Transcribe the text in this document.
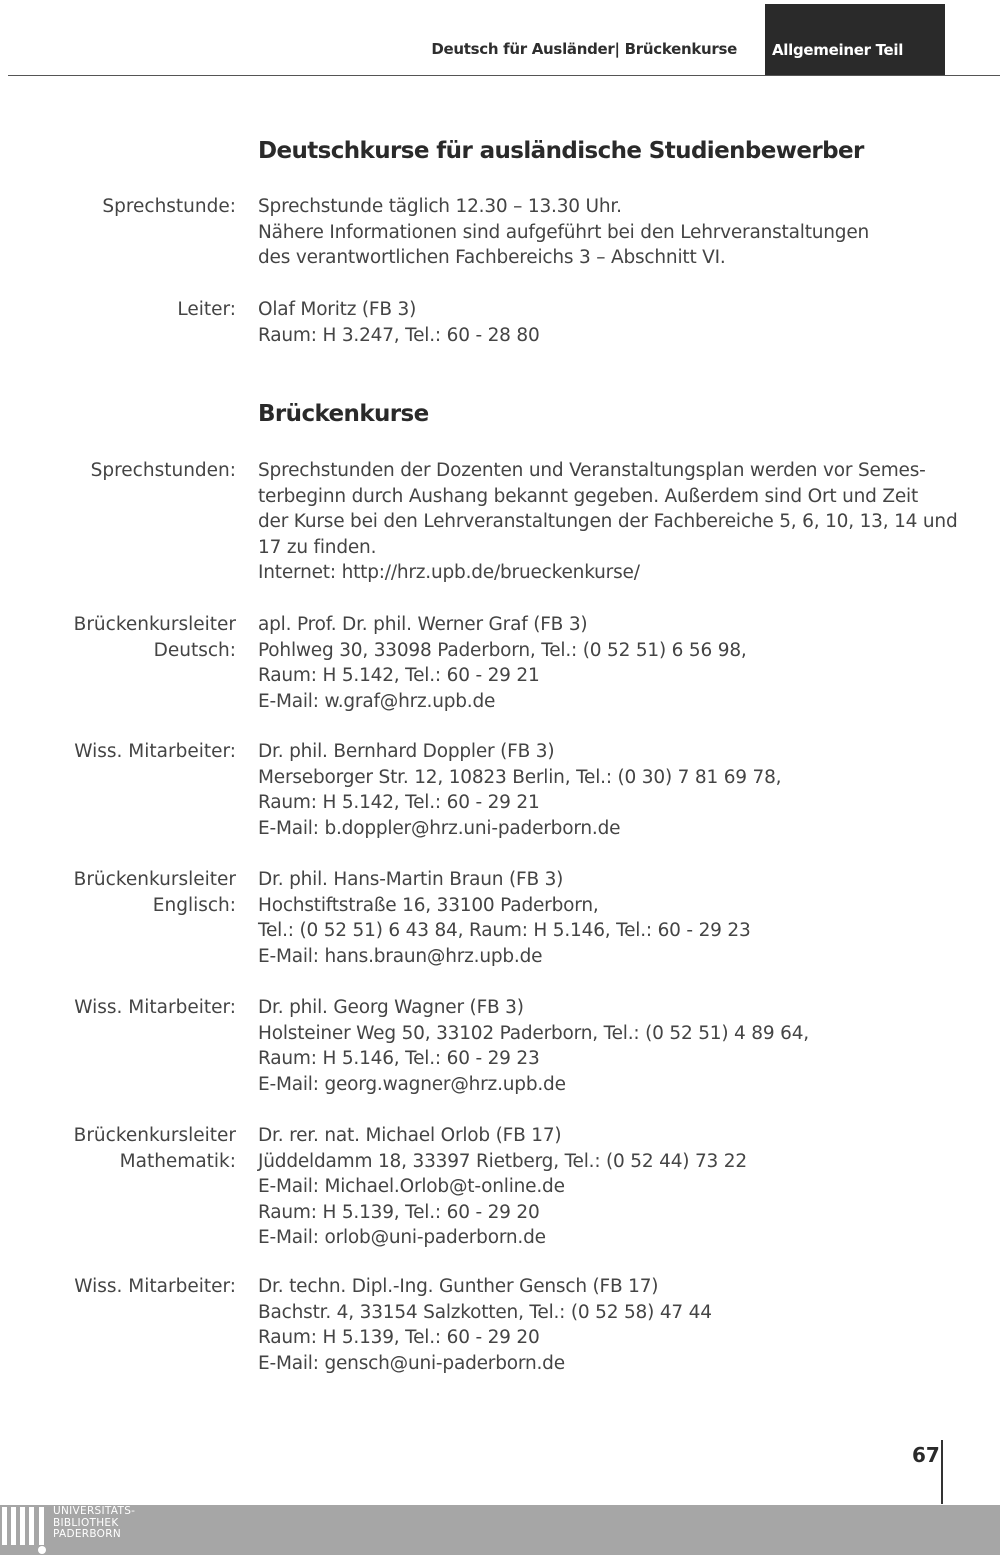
Deutsch für Ausländer| Brückenkurse Allgemeiner Teil
Deutschkurse für ausländische Studienbewerber
Sprechstunde: Sprechstunde täglich 12.30 – 13.30 Uhr.
Nähere Informationen sind aufgeführt bei den Lehrveranstaltungen
des verantwortlichen Fachbereichs 3 – Abschnitt VI.
Leiter: Olaf Moritz (FB 3)
Raum: H 3.247, Tel.: 60 - 28 80
Brückenkurse
Sprechstunden: Sprechstunden der Dozenten und Veranstaltungsplan werden vor Semes-
terbeginn durch Aushang bekannt gegeben. Außerdem sind Ort und Zeit
der Kurse bei den Lehrveranstaltungen der Fachbereiche 5, 6, 10, 13, 14 und
17 zu finden.
Internet: http://hrz.upb.de/brueckenkurse/
Brückenkursleiter
Deutsch:
apl. Prof. Dr. phil. Werner Graf (FB 3)
Pohlweg 30, 33098 Paderborn, Tel.: (0 52 51) 6 56 98,
Raum: H 5.142, Tel.: 60 - 29 21
E-Mail: w.graf@hrz.upb.de
Wiss. Mitarbeiter: Dr. phil. Bernhard Doppler (FB 3)
Merseborger Str. 12, 10823 Berlin, Tel.: (0 30) 7 81 69 78,
Raum: H 5.142, Tel.: 60 - 29 21
E-Mail: b.doppler@hrz.uni-paderborn.de
Brückenkursleiter
Englisch:
Dr. phil. Hans-Martin Braun (FB 3)
Hochstiftstraße 16, 33100 Paderborn,
Tel.: (0 52 51) 6 43 84, Raum: H 5.146, Tel.: 60 - 29 23
E-Mail: hans.braun@hrz.upb.de
Wiss. Mitarbeiter: Dr. phil. Georg Wagner (FB 3)
Holsteiner Weg 50, 33102 Paderborn, Tel.: (0 52 51) 4 89 64,
Raum: H 5.146, Tel.: 60 - 29 23
E-Mail: georg.wagner@hrz.upb.de
Brückenkursleiter
Mathematik:
Dr. rer. nat. Michael Orlob (FB 17)
Jüddeldamm 18, 33397 Rietberg, Tel.: (0 52 44) 73 22
E-Mail: Michael.Orlob@t-online.de
Raum: H 5.139, Tel.: 60 - 29 20
E-Mail: orlob@uni-paderborn.de
Wiss. Mitarbeiter: Dr. techn. Dipl.-Ing. Gunther Gensch (FB 17)
Bachstr. 4, 33154 Salzkotten, Tel.: (0 52 58) 47 44
Raum: H 5.139, Tel.: 60 - 29 20
E-Mail: gensch@uni-paderborn.de
67
UNIVERSITÄTS-
BIBLIOTHEK
PADERBORN
